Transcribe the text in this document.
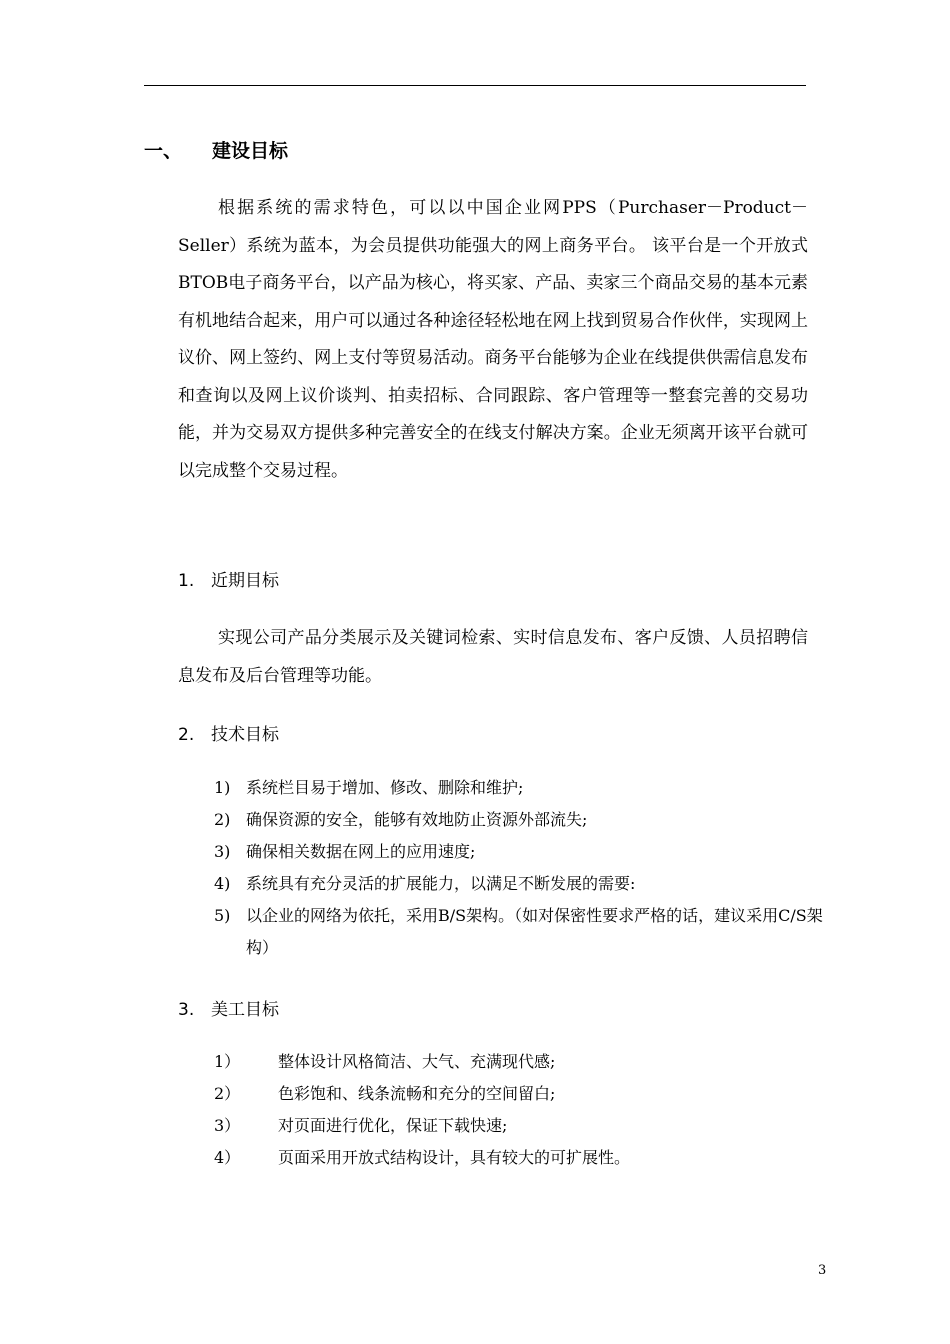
一、 建设目标

根据系统的需求特色，可以以中国企业网PPS（Purchaser－Product－Seller）系统为蓝本，为会员提供功能强大的网上商务平台。 该平台是一个开放式BTOB电子商务平台，以产品为核心，将买家、产品、卖家三个商品交易的基本元素有机地结合起来，用户可以通过各种途径轻松地在网上找到贸易合作伙伴，实现网上议价、网上签约、网上支付等贸易活动。商务平台能够为企业在线提供供需信息发布和查询以及网上议价谈判、拍卖招标、合同跟踪、客户管理等一整套完善的交易功能，并为交易双方提供多种完善安全的在线支付解决方案。企业无须离开该平台就可以完成整个交易过程。

1. 近期目标

实现公司产品分类展示及关键词检索、实时信息发布、客户反馈、人员招聘信息发布及后台管理等功能。

2. 技术目标
1) 系统栏目易于增加、修改、删除和维护;
2) 确保资源的安全，能够有效地防止资源外部流失;
3) 确保相关数据在网上的应用速度;
4) 系统具有充分灵活的扩展能力，以满足不断发展的需要:
5) 以企业的网络为依托，采用B/S架构。（如对保密性要求严格的话，建议采用C/S架构）
3. 美工目标
1） 整体设计风格简洁、大气、充满现代感;
2） 色彩饱和、线条流畅和充分的空间留白;
3） 对页面进行优化，保证下载快速;
4） 页面采用开放式结构设计，具有较大的可扩展性。
3
